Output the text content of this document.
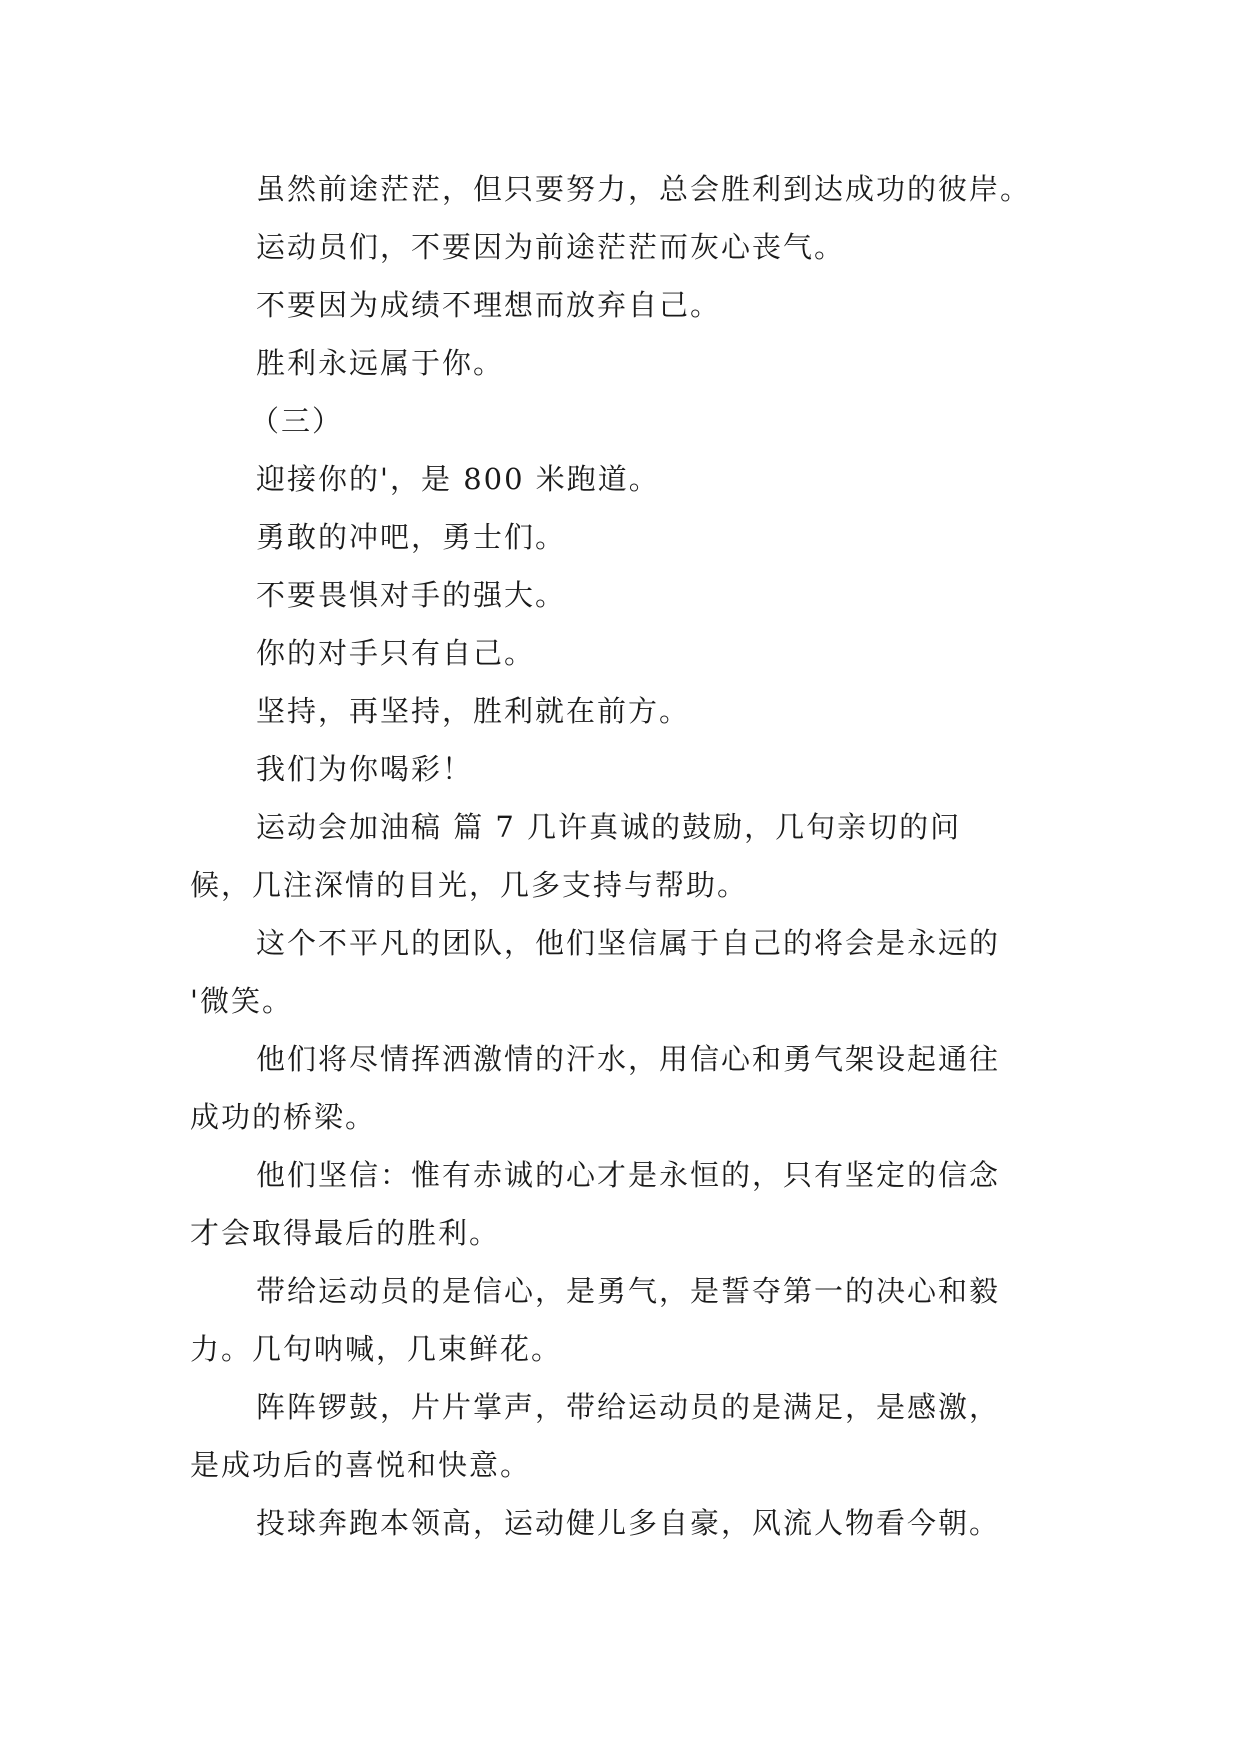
虽然前途茫茫，但只要努力，总会胜利到达成功的彼岸。
运动员们，不要因为前途茫茫而灰心丧气。
不要因为成绩不理想而放弃自己。
胜利永远属于你。
（三）
迎接你的'，是 800 米跑道。
勇敢的冲吧，勇士们。
不要畏惧对手的强大。
你的对手只有自己。
坚持，再坚持，胜利就在前方。
我们为你喝彩！
运动会加油稿 篇 7 几许真诚的鼓励，几句亲切的问
候，几注深情的目光，几多支持与帮助。
这个不平凡的团队，他们坚信属于自己的将会是永远的
'微笑。
他们将尽情挥洒激情的汗水，用信心和勇气架设起通往
成功的桥梁。
他们坚信：惟有赤诚的心才是永恒的，只有坚定的信念
才会取得最后的胜利。
带给运动员的是信心，是勇气，是誓夺第一的决心和毅
力。几句呐喊，几束鲜花。
阵阵锣鼓，片片掌声，带给运动员的是满足，是感激，
是成功后的喜悦和快意。
投球奔跑本领高，运动健儿多自豪，风流人物看今朝。
